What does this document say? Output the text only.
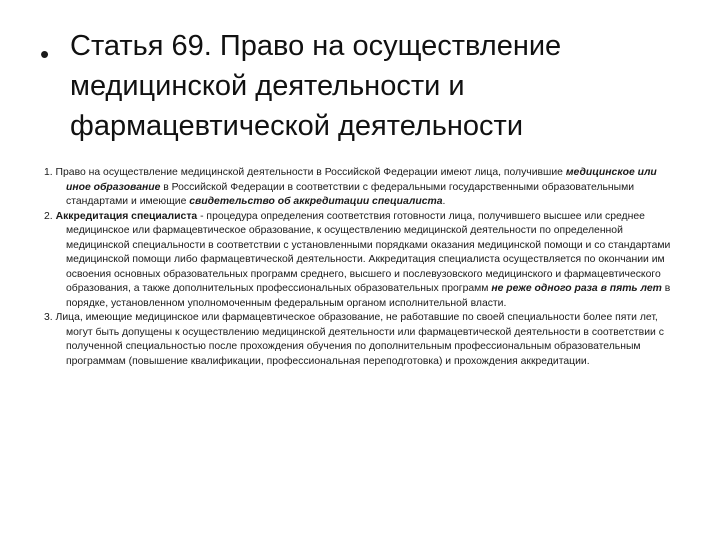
• Статья 69. Право на осуществление
медицинской деятельности и
фармацевтической деятельности

1. Право на осуществление медицинской деятельности в Российской Федерации имеют лица, получившие медицинское или иное образование в Российской Федерации в соответствии с федеральными государственными образовательными стандартами и имеющие свидетельство об аккредитации специалиста.

2. Аккредитация специалиста - процедура определения соответствия готовности лица, получившего высшее или среднее медицинское или фармацевтическое образование, к осуществлению медицинской деятельности по определенной медицинской специальности в соответствии с установленными порядками оказания медицинской помощи и со стандартами медицинской помощи либо фармацевтической деятельности. Аккредитация специалиста осуществляется по окончании им освоения основных образовательных программ среднего, высшего и послевузовского медицинского и фармацевтического образования, а также дополнительных профессиональных образовательных программ не реже одного раза в пять лет в порядке, установленном уполномоченным федеральным органом исполнительной власти.

3. Лица, имеющие медицинское или фармацевтическое образование, не работавшие по своей специальности более пяти лет, могут быть допущены к осуществлению медицинской деятельности или фармацевтической деятельности в соответствии с полученной специальностью после прохождения обучения по дополнительным профессиональным образовательным программам (повышение квалификации, профессиональная переподготовка) и прохождения аккредитации.
